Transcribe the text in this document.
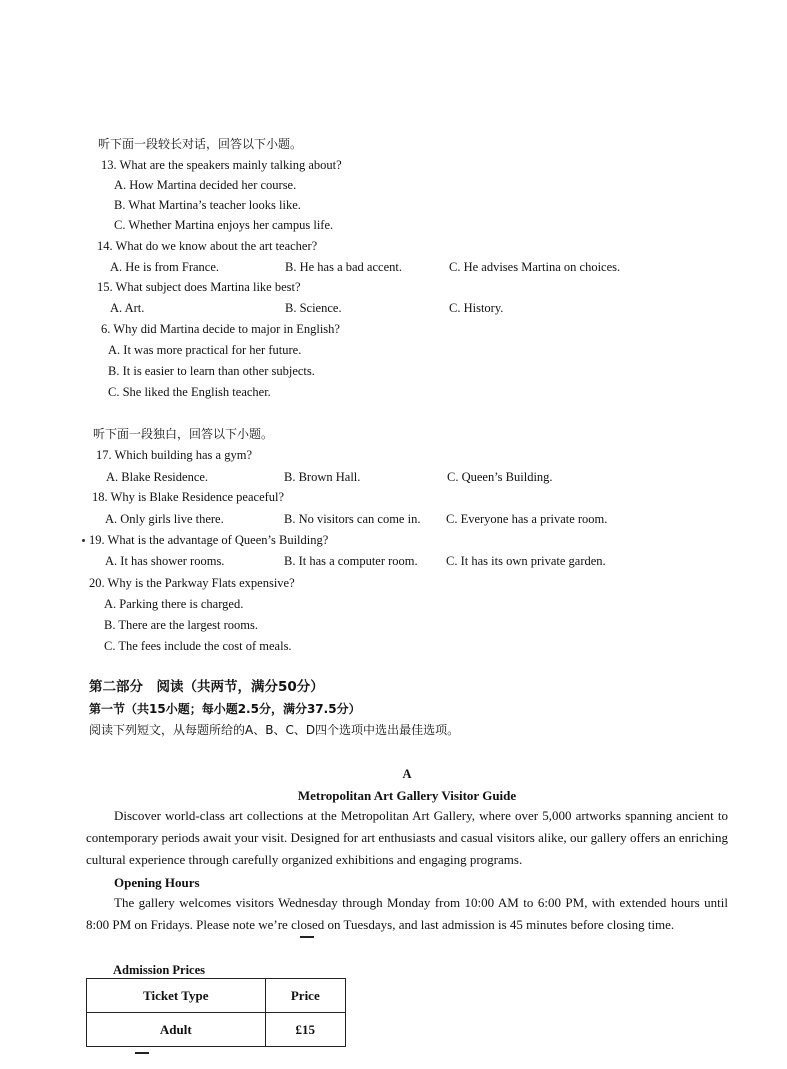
听下面一段较长对话，回答以下小题。
13. What are the speakers mainly talking about?
A. How Martina decided her course.
B. What Martina’s teacher looks like.
C. Whether Martina enjoys her campus life.
14. What do we know about the art teacher?
A. He is from France.	B. He has a bad accent.	C. He advises Martina on choices.
15. What subject does Martina like best?
A. Art.	B. Science.	C. History.
6. Why did Martina decide to major in English?
A. It was more practical for her future.
B. It is easier to learn than other subjects.
C. She liked the English teacher.
听下面一段独白，回答以下小题。
17. Which building has a gym?
A. Blake Residence.	B. Brown Hall.	C. Queen’s Building.
18. Why is Blake Residence peaceful?
A. Only girls live there.	B. No visitors can come in. C. Everyone has a private room.
19. What is the advantage of Queen’s Building?
A. It has shower rooms.	B. It has a computer room. C. It has its own private garden.
20. Why is the Parkway Flats expensive?
A. Parking there is charged.
B. There are the largest rooms.
C. The fees include the cost of meals.
第二部分　阅读（共两节，满分50分）
第一节（共15小题；每小题2.5分，满分37.5分）
阅读下列短文，从每题所给的A、B、C、D四个选项中选出最佳选项。
A
Metropolitan Art Gallery Visitor Guide
Discover world-class art collections at the Metropolitan Art Gallery, where over 5,000 artworks spanning ancient to contemporary periods await your visit. Designed for art enthusiasts and casual visitors alike, our gallery offers an enriching cultural experience through carefully organized exhibitions and engaging programs.
Opening Hours
The gallery welcomes visitors Wednesday through Monday from 10:00 AM to 6:00 PM, with extended hours until 8:00 PM on Fridays. Please note we’re closed on Tuesdays, and last admission is 45 minutes before closing time.
Admission Prices
Ticket Type	Price
Adult	£15
